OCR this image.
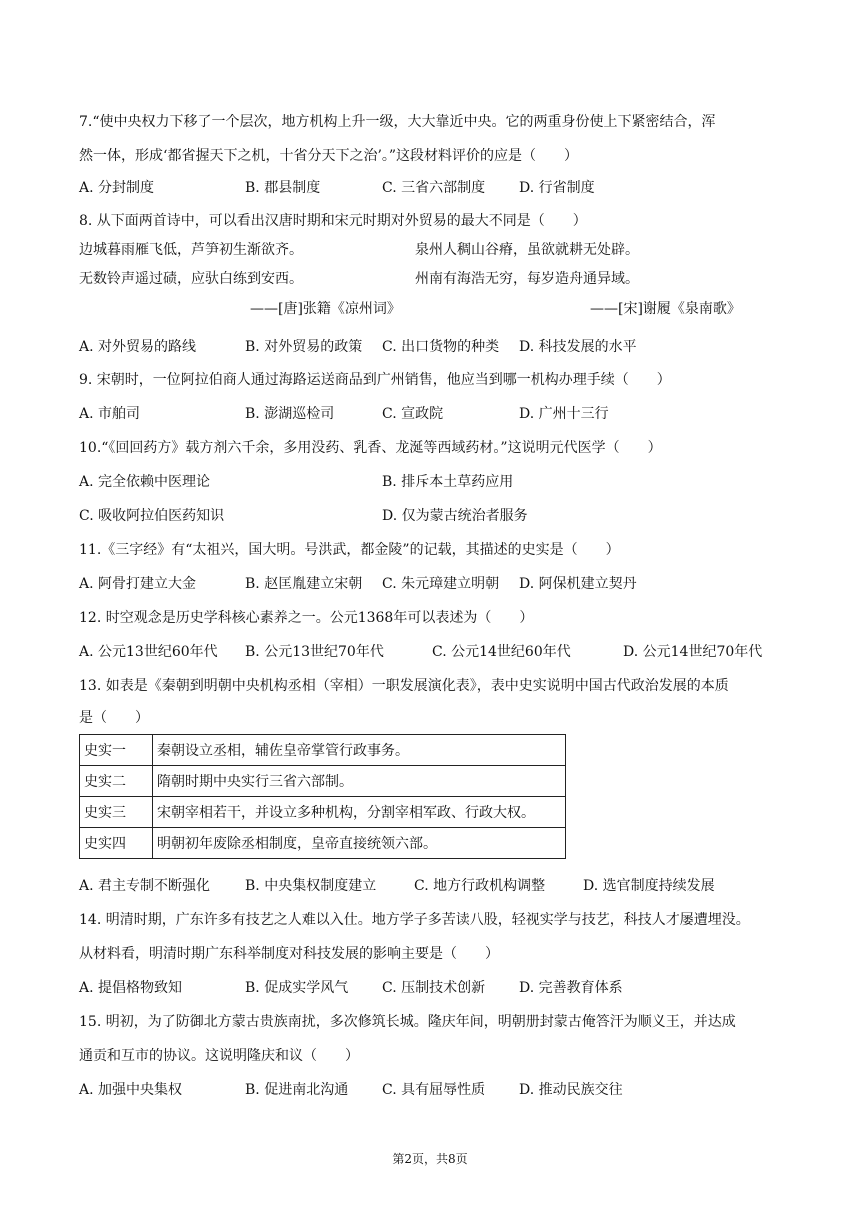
7.“使中央权力下移了一个层次，地方机构上升一级，大大靠近中央。它的两重身份使上下紧密结合，浑
然一体，形成‘都省握天下之机，十省分天下之治’。”这段材料评价的应是（　　）
A. 分封制度	B. 郡县制度	C. 三省六部制度 D. 行省制度
8. 从下面两首诗中，可以看出汉唐时期和宋元时期对外贸易的最大不同是（　　）
边城暮雨雁飞低，芦笋初生渐欲齐。	泉州人稠山谷瘠，虽欲就耕无处辟。
无数铃声遥过碛，应驮白练到安西。	州南有海浩无穷，每岁造舟通异域。
——[唐]张籍《凉州词》	——[宋]谢履《泉南歌》
A. 对外贸易的路线	B. 对外贸易的政策 C. 出口货物的种类 D. 科技发展的水平
9. 宋朝时，一位阿拉伯商人通过海路运送商品到广州销售，他应当到哪一机构办理手续（　　）
A. 市舶司	B. 澎湖巡检司	C. 宣政院	D. 广州十三行
10.“《回回药方》载方剂六千余，多用没药、乳香、龙涎等西域药材。”这说明元代医学（　　）
A. 完全依赖中医理论	B. 排斥本土草药应用
C. 吸收阿拉伯医药知识	D. 仅为蒙古统治者服务
11.《三字经》有“太祖兴，国大明。号洪武，都金陵”的记载，其描述的史实是（　　）
A. 阿骨打建立大金	B. 赵匡胤建立宋朝 C. 朱元璋建立明朝 D. 阿保机建立契丹
12. 时空观念是历史学科核心素养之一。公元1368年可以表述为（　　）
A. 公元13世纪60年代 B. 公元13世纪70年代	C. 公元14世纪60年代	D. 公元14世纪70年代
13. 如表是《秦朝到明朝中央机构丞相（宰相）一职发展演化表》，表中史实说明中国古代政治发展的本质
是（　　）
史实一	秦朝设立丞相，辅佐皇帝掌管行政事务。
史实二	隋朝时期中央实行三省六部制。
史实三	宋朝宰相若干，并设立多种机构，分割宰相军政、行政大权。
史实四	明朝初年废除丞相制度，皇帝直接统领六部。
A. 君主专制不断强化 B. 中央集权制度建立	C. 地方行政机构调整	D. 选官制度持续发展
14. 明清时期，广东许多有技艺之人难以入仕。地方学子多苦读八股，轻视实学与技艺，科技人才屡遭埋没。
从材料看，明清时期广东科举制度对科技发展的影响主要是（　　）
A. 提倡格物致知	B. 促成实学风气 C. 压制技术创新 D. 完善教育体系
15. 明初，为了防御北方蒙古贵族南扰，多次修筑长城。隆庆年间，明朝册封蒙古俺答汗为顺义王，并达成
通贡和互市的协议。这说明隆庆和议（　　）
A. 加强中央集权	B. 促进南北沟通 C. 具有屈辱性质 D. 推动民族交往
第2页，共8页
